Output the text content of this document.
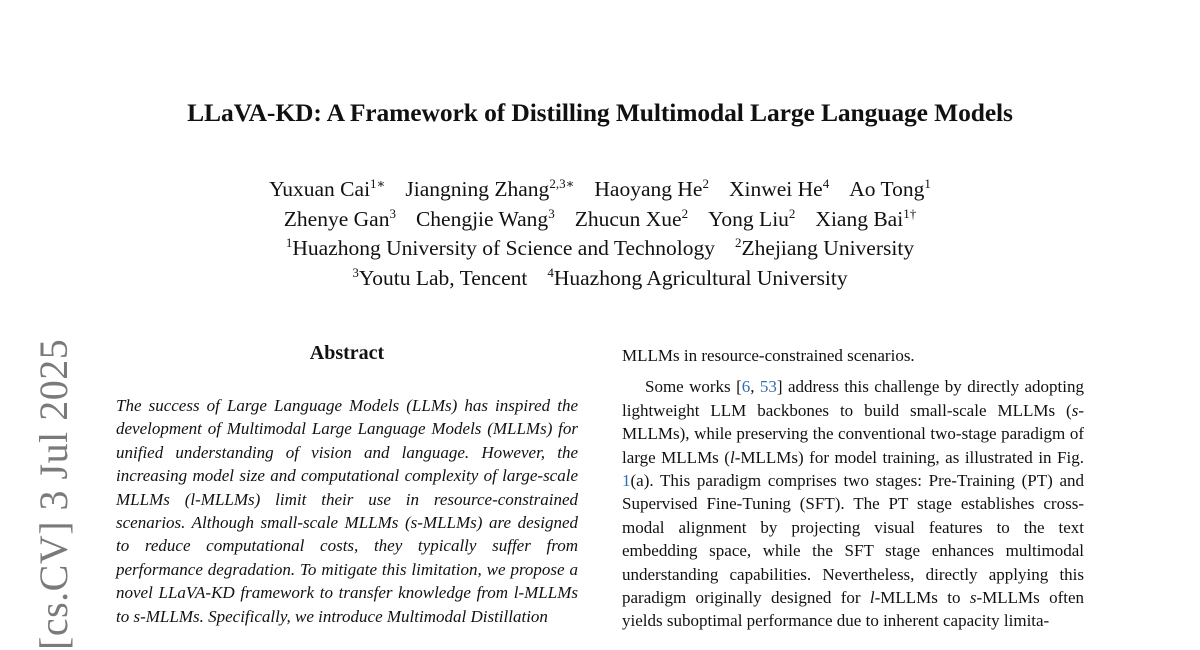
LLaVA-KD: A Framework of Distilling Multimodal Large Language Models
Yuxuan Cai$^{1∗}$ Jiangning Zhang$^{2,3∗}$ Haoyang He$^2$ Xinwei He$^4$ Ao Tong$^1$
Zhenye Gan$^3$ Chengjie Wang$^3$ Zhucun Xue$^2$ Yong Liu$^2$ Xiang Bai$^{1\dagger}$
$^1$Huazhong University of Science and Technology $^2$Zhejiang University
$^3$Youtu Lab, Tencent $^4$Huazhong Agricultural University
[cs.CV] 3 Jul 2025	Abstract

The success of Large Language Models (LLMs) has inspired the development of Multimodal Large Language Models (MLLMs) for unified understanding of vision and language. However, the increasing model size and computational complexity of large-scale MLLMs (l-MLLMs) limit their use in resource-constrained scenarios. Although small-scale MLLMs (s-MLLMs) are designed to reduce computational costs, they typically suffer from performance degradation. To mitigate this limitation, we propose a novel LLaVA-KD framework to transfer knowledge from l-MLLMs to s-MLLMs. Specifically, we introduce Multimodal Distillation

MLLMs in resource-constrained scenarios.

Some works [6, 53] address this challenge by directly adopting lightweight LLM backbones to build small-scale MLLMs (s-MLLMs), while preserving the conventional two-stage paradigm of large MLLMs (l-MLLMs) for model training, as illustrated in Fig. 1(a). This paradigm comprises two stages: Pre-Training (PT) and Supervised Fine-Tuning (SFT). The PT stage establishes cross-modal alignment by projecting visual features to the text embedding space, while the SFT stage enhances multimodal understanding capabilities. Nevertheless, directly applying this paradigm originally designed for l-MLLMs to s-MLLMs often yields suboptimal performance due to inherent capacity limita-
